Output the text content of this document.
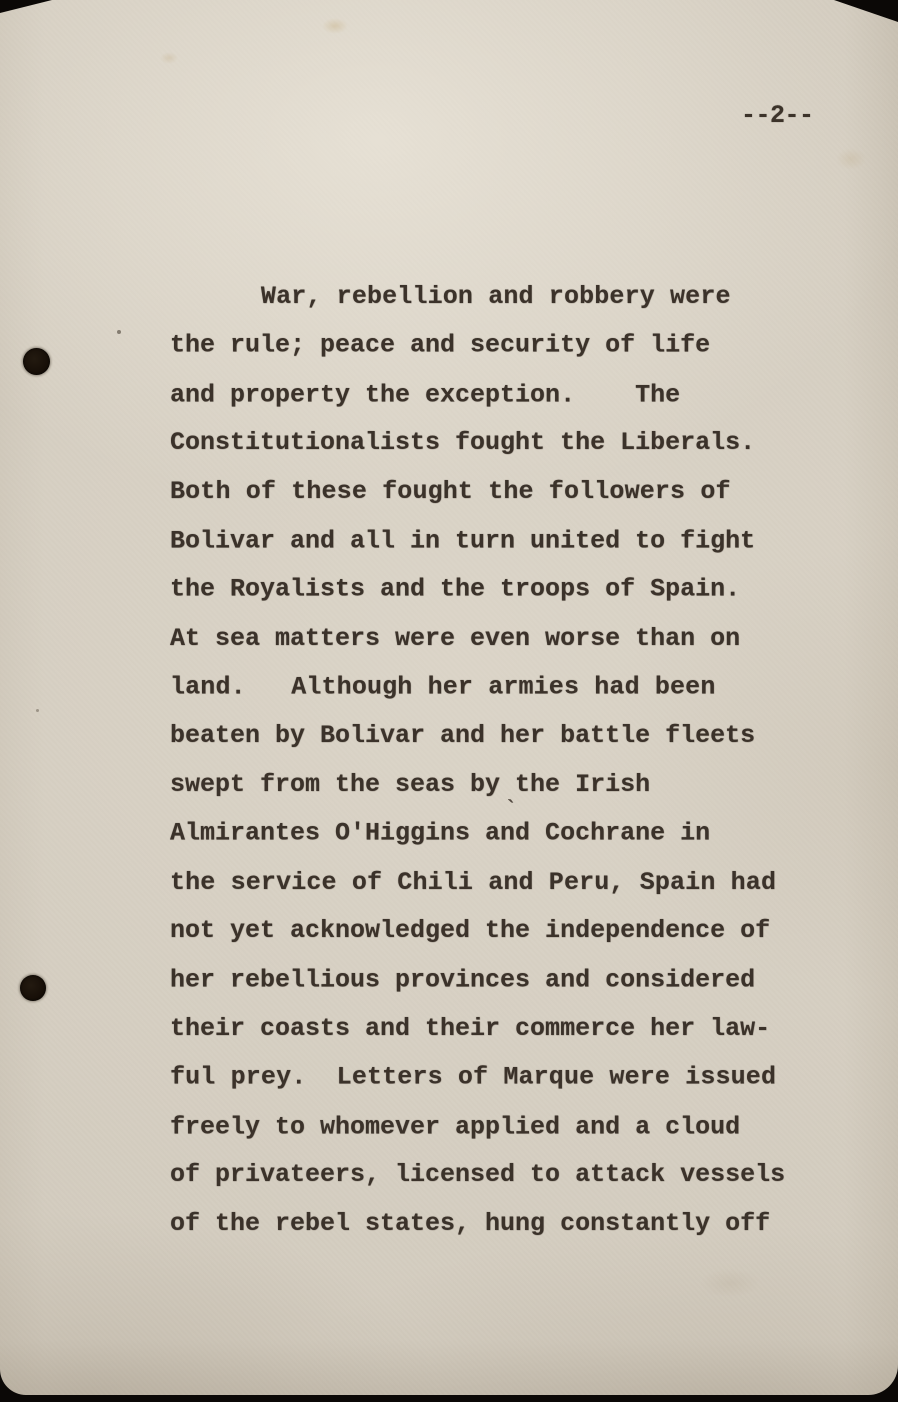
--2--
War, rebellion and robbery were
the rule; peace and security of life
and property the exception.    The
Constitutionalists fought the Liberals.
Both of these fought the followers of
Bolivar and all in turn united to fight
the Royalists and the troops of Spain.
At sea matters were even worse than on
land.   Although her armies had been
beaten by Bolivar and her battle fleets
swept from the seas by the Irish
Almirantes O'Higgins and Cochrane in
the service of Chili and Peru, Spain had
not yet acknowledged the independence of
her rebellious provinces and considered
their coasts and their commerce her law-
ful prey.  Letters of Marque were issued
freely to whomever applied and a cloud
of privateers, licensed to attack vessels
of the rebel states, hung constantly off
`
